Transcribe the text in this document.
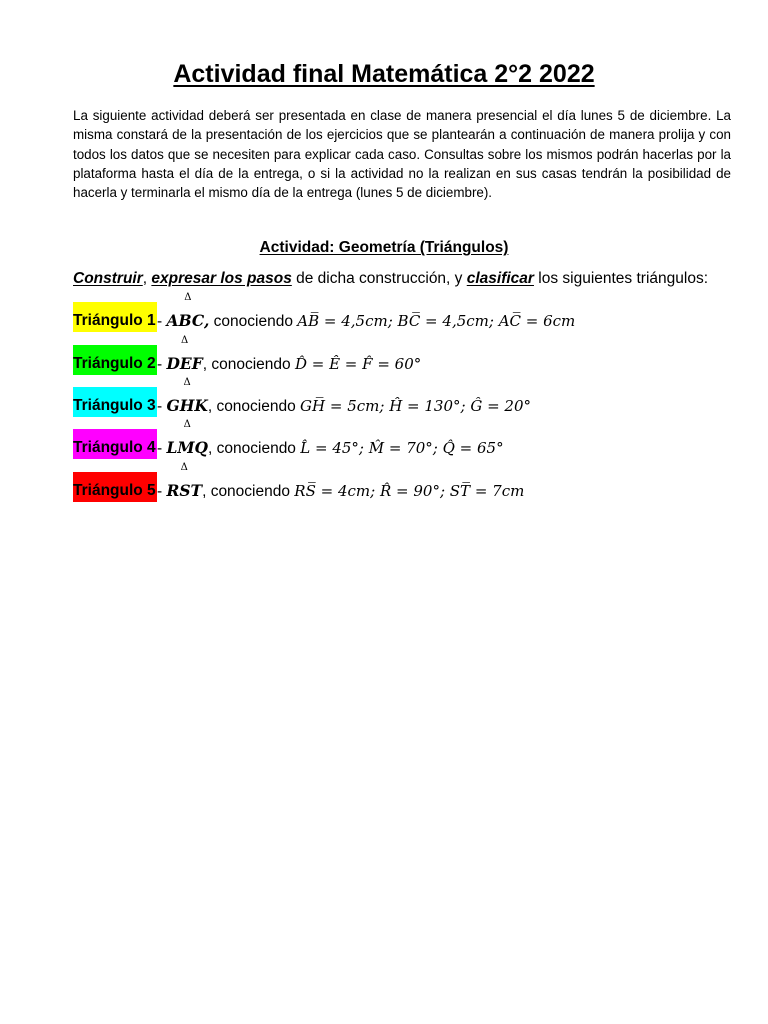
Actividad final Matemática 2°2 2022
La siguiente actividad deberá ser presentada en clase de manera presencial el día lunes 5 de diciembre. La misma constará de la presentación de los ejercicios que se plantearán a continuación de manera prolija y con todos los datos que se necesiten para explicar cada caso. Consultas sobre los mismos podrán hacerlas por la plataforma hasta el día de la entrega, o si la actividad no la realizan en sus casas tendrán la posibilidad de hacerla y terminarla el mismo día de la entrega (lunes 5 de diciembre).
Actividad: Geometría (Triángulos)
Construir, expresar los pasos de dicha construcción, y clasificar los siguientes triángulos:
Triángulo 1-
Δ
ABC, conociendo AB̅̅ = 4,5cm; BC̅̅ = 4,5cm; AC̅̅ = 6cm
Triángulo 2-
Δ
DEF, conociendo D̂ = Ê = F̂ = 60°
Triángulo 3-
Δ
GHK, conociendo GH̅̅ = 5cm; Ĥ = 130°; Ĝ = 20°
Triángulo 4-
Δ
LMQ, conociendo L̂ = 45°; M̂ = 70°; Q̂ = 65°
Triángulo 5-
Δ
RST, conociendo RS̅̅ = 4cm; R̂ = 90°; ST̅̅ = 7cm
